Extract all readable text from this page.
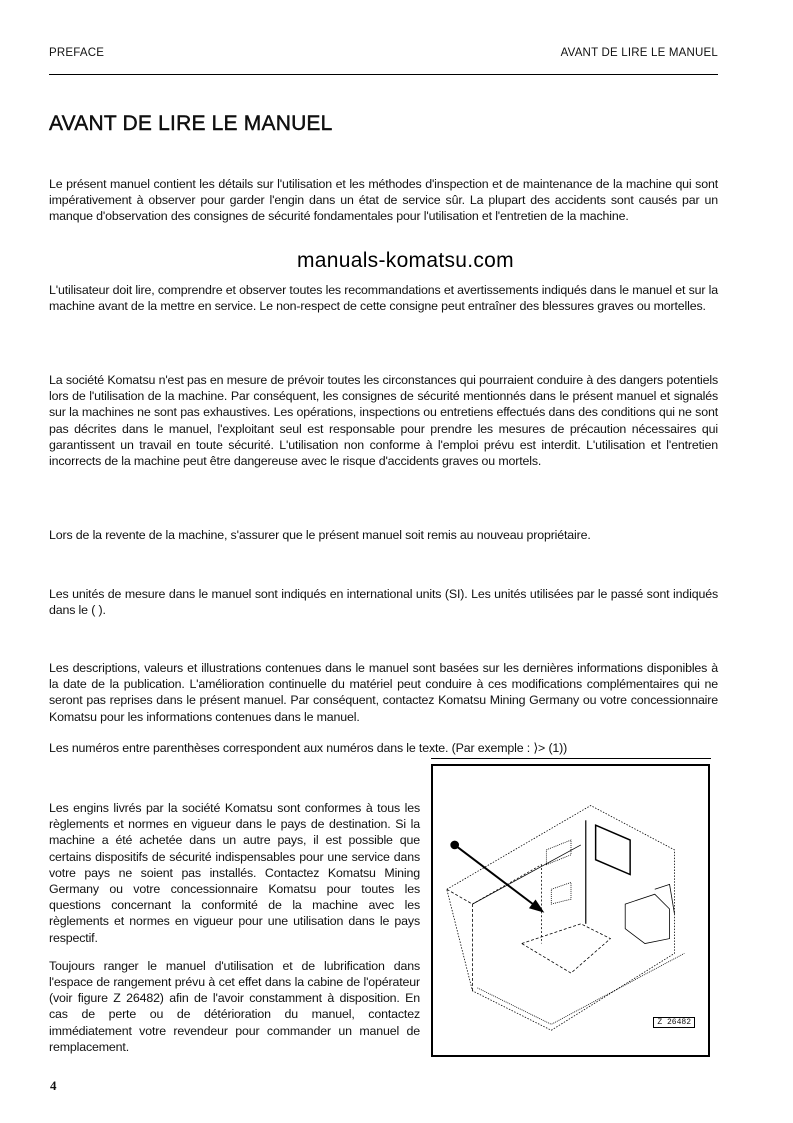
PREFACE	AVANT DE LIRE LE MANUEL
AVANT DE LIRE LE MANUEL

Le présent manuel contient les détails sur l'utilisation et les méthodes d'inspection et de maintenance de la machine qui sont impérativement à observer pour garder l'engin dans un état de service sûr. La plupart des accidents sont causés par un manque d'observation des consignes de sécurité fondamentales pour l'utilisation et l'entretien de la machine.

manuals-komatsu.com

L'utilisateur doit lire, comprendre et observer toutes les recommandations et avertissements indiqués dans le manuel et sur la machine avant de la mettre en service. Le non-respect de cette consigne peut entraîner des blessures graves ou mortelles.

La société Komatsu n'est pas en mesure de prévoir toutes les circonstances qui pourraient conduire à des dangers potentiels lors de l'utilisation de la machine. Par conséquent, les consignes de sécurité mentionnés dans le présent manuel et signalés sur la machines ne sont pas exhaustives. Les opérations, inspections ou entretiens effectués dans des conditions qui ne sont pas décrites dans le manuel, l'exploitant seul est responsable pour prendre les mesures de précaution nécessaires qui garantissent un travail en toute sécurité. L'utilisation non conforme à l'emploi prévu est interdit. L'utilisation et l'entretien incorrects de la machine peut être dangereuse avec le risque d'accidents graves ou mortels.

Lors de la revente de la machine, s'assurer que le présent manuel soit remis au nouveau propriétaire.

Les unités de mesure dans le manuel sont indiqués en international units (SI). Les unités utilisées par le passé sont indiqués dans le ( ).

Les descriptions, valeurs et illustrations contenues dans le manuel sont basées sur les dernières informations disponibles à la date de la publication. L'amélioration continuelle du matériel peut conduire à ces modifications complémentaires qui ne seront pas reprises dans le présent manuel. Par conséquent, contactez Komatsu Mining Germany ou votre concessionnaire Komatsu pour les informations contenues dans le manuel.

Les numéros entre parenthèses correspondent aux numéros dans le texte. (Par exemple : ⟩> (1))

Les engins livrés par la société Komatsu sont conformes à tous les règlements et normes en vigueur dans le pays de destination. Si la machine a été achetée dans un autre pays, il est possible que certains dispositifs de sécurité indispensables pour une service dans votre pays ne soient pas installés. Contactez Komatsu Mining Germany ou votre concessionnaire Komatsu pour toutes les questions concernant la conformité de la machine avec les règlements et normes en vigueur pour une utilisation dans le pays respectif.

Toujours ranger le manuel d'utilisation et de lubrification dans l'espace de rangement prévu à cet effet dans la cabine de l'opérateur (voir figure Z 26482) afin de l'avoir constamment à disposition. En cas de perte ou de détérioration du manuel, contactez immédiatement votre revendeur pour commander un manuel de remplacement.

Z 26482
4
